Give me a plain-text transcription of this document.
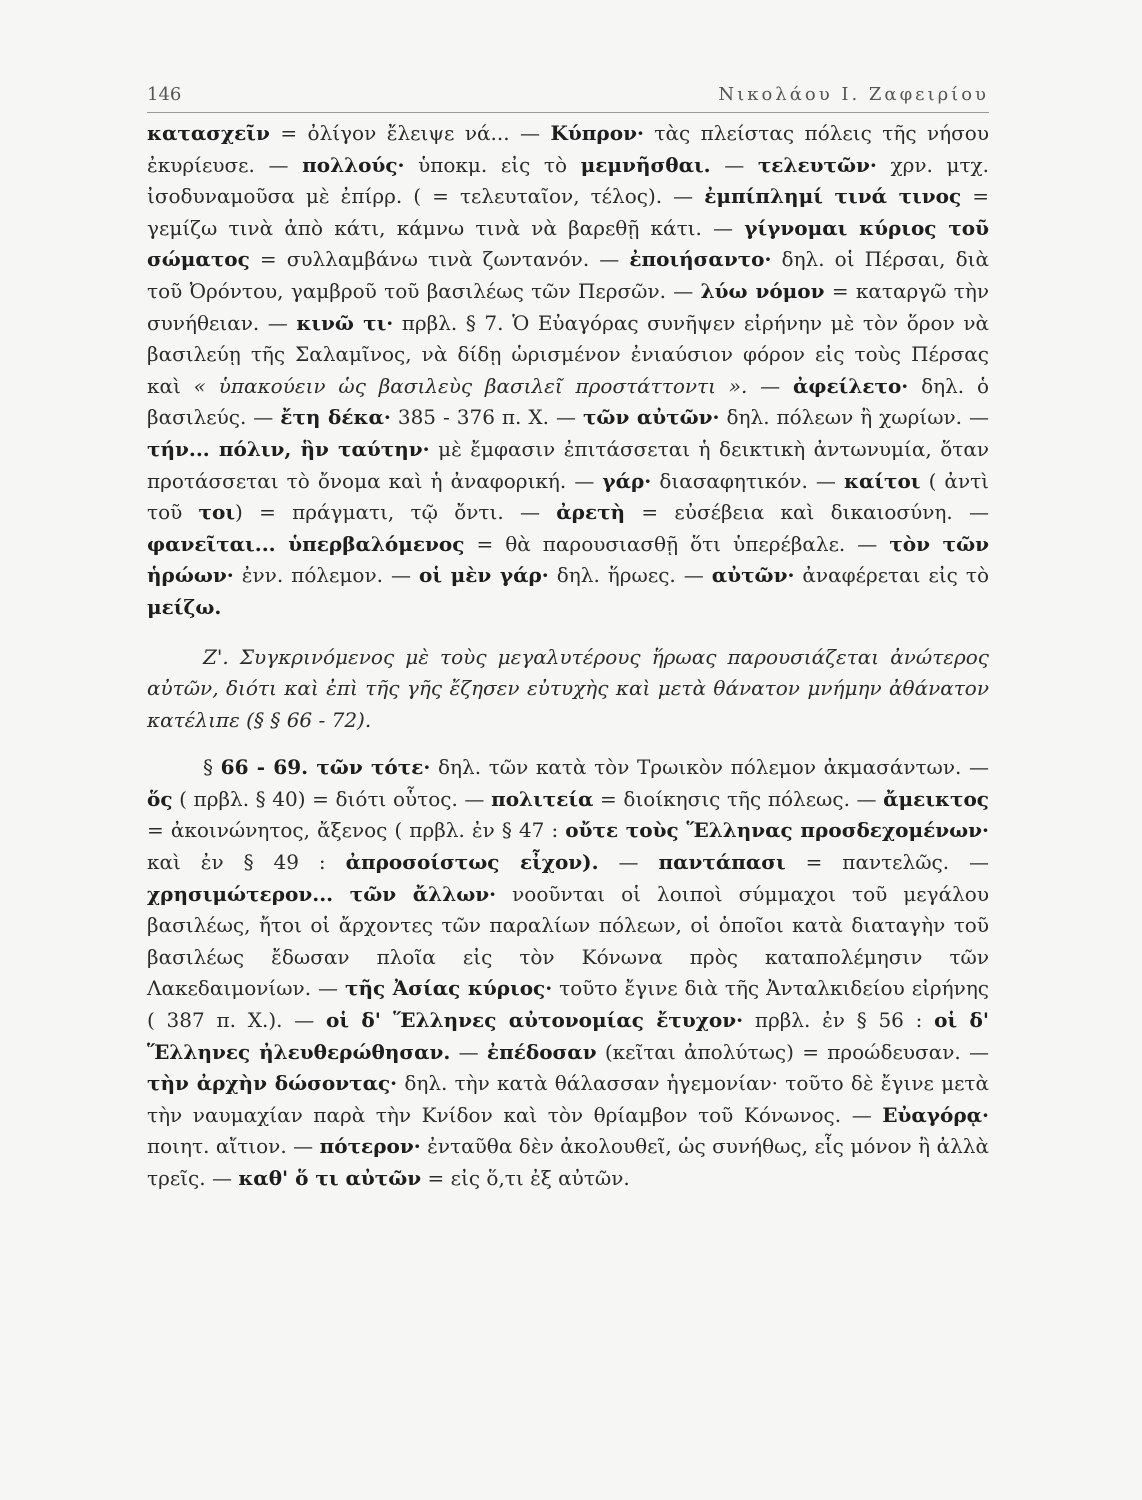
146	Νικολάου Ι. Ζαφειρίου

κατασχεῖν = ὀλίγον ἔλειψε νά... — Κύπρον· τὰς πλείστας πόλεις τῆς νήσου ἐκυρίευσε. — πολλούς· ὑποκμ. εἰς τὸ μεμνῆσθαι. — τελευτῶν· χρν. μτχ. ἰσοδυναμοῦσα μὲ ἐπίρρ. ( = τελευταῖον, τέλος). — ἐμπίπλημί τινά τινος = γεμίζω τινὰ ἀπὸ κάτι, κάμνω τινὰ νὰ βαρεθῇ κάτι. — γίγνομαι κύριος τοῦ σώματος = συλλαμβάνω τινὰ ζωντανόν. — ἐποιήσαντο· δηλ. οἱ Πέρσαι, διὰ τοῦ Ὀρόντου, γαμβροῦ τοῦ βασιλέως τῶν Περσῶν. — λύω νόμον = καταργῶ τὴν συνήθειαν. — κινῶ τι· πρβλ. § 7. Ὁ Εὐαγόρας συνῆψεν εἰρήνην μὲ τὸν ὅρον νὰ βασιλεύῃ τῆς Σαλαμῖνος, νὰ δίδῃ ὡρισμένον ἐνιαύσιον φόρον εἰς τοὺς Πέρσας καὶ « ὑπακούειν ὡς βασιλεὺς βασιλεῖ προστάττοντι ». — ἀφείλετο· δηλ. ὁ βασιλεύς. — ἔτη δέκα· 385 - 376 π. Χ. — τῶν αὐτῶν· δηλ. πόλεων ἢ χωρίων. — τήν... πόλιν, ἣν ταύτην· μὲ ἔμφασιν ἐπιτάσσεται ἡ δεικτικὴ ἀντωνυμία, ὅταν προτάσσεται τὸ ὄνομα καὶ ἡ ἀναφορική. — γάρ· διασαφητικόν. — καίτοι ( ἀντὶ τοῦ τοι) = πράγματι, τῷ ὄντι. — ἀρετὴ = εὐσέβεια καὶ δικαιοσύνη. — φανεῖται... ὑπερβαλόμενος = θὰ παρουσιασθῇ ὅτι ὑπερέβαλε. — τὸν τῶν ἡρώων· ἐνν. πόλεμον. — οἱ μὲν γάρ· δηλ. ἥρωες. — αὐτῶν· ἀναφέρεται εἰς τὸ μείζω.

Ζ'. Συγκρινόμενος μὲ τοὺς μεγαλυτέρους ἥρωας παρουσιάζεται ἀνώτερος αὐτῶν, διότι καὶ ἐπὶ τῆς γῆς ἔζησεν εὐτυχὴς καὶ μετὰ θάνατον μνήμην ἀθάνατον κατέλιπε (§ § 66 - 72).

§ 66 - 69. τῶν τότε· δηλ. τῶν κατὰ τὸν Τρωικὸν πόλεμον ἀκμασάντων. — ὅς ( πρβλ. § 40) = διότι οὗτος. — πολιτεία = διοίκησις τῆς πόλεως. — ἄμεικτος = ἀκοινώνητος, ἄξενος ( πρβλ. ἐν § 47 : οὔτε τοὺς Ἕλληνας προσδεχομένων· καὶ ἐν § 49 : ἀπροσοίστως εἶχον). — παντάπασι = παντελῶς. — χρησιμώτερον... τῶν ἄλλων· νοοῦνται οἱ λοιποὶ σύμμαχοι τοῦ μεγάλου βασιλέως, ἤτοι οἱ ἄρχοντες τῶν παραλίων πόλεων, οἱ ὁποῖοι κατὰ διαταγὴν τοῦ βασιλέως ἔδωσαν πλοῖα εἰς τὸν Κόνωνα πρὸς καταπολέμησιν τῶν Λακεδαιμονίων. — τῆς Ἀσίας κύριος· τοῦτο ἔγινε διὰ τῆς Ἀνταλκιδείου εἰρήνης ( 387 π. Χ.). — οἱ δ' Ἕλληνες αὐτονομίας ἔτυχον· πρβλ. ἐν § 56 : οἱ δ' Ἕλληνες ἠλευθερώθησαν. — ἐπέδοσαν (κεῖται ἀπολύτως) = προώδευσαν. — τὴν ἀρχὴν δώσοντας· δηλ. τὴν κατὰ θάλασσαν ἡγεμονίαν· τοῦτο δὲ ἔγινε μετὰ τὴν ναυμαχίαν παρὰ τὴν Κνίδον καὶ τὸν θρίαμβον τοῦ Κόνωνος. — Εὐαγόρᾳ· ποιητ. αἴτιον. — πότερον· ἐνταῦθα δὲν ἀκολουθεῖ, ὡς συνήθως, εἷς μόνον ἢ ἀλλὰ τρεῖς. — καθ' ὅ τι αὐτῶν = εἰς ὅ,τι ἐξ αὐτῶν.
